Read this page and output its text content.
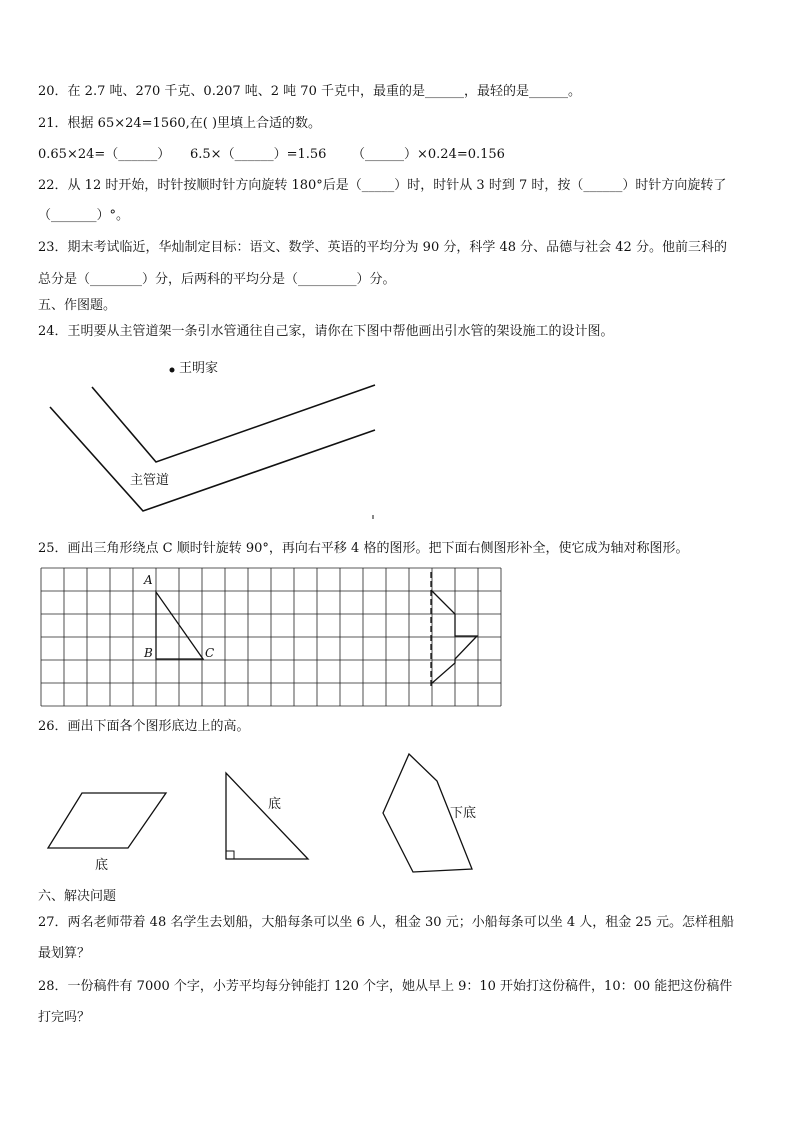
20．在 2.7 吨、270 千克、0.207 吨、2 吨 70 千克中，最重的是______，最轻的是______。
21．根据 65×24=1560,在( )里填上合适的数。
0.65×24=（______） 6.5×（______）=1.56 （______）×0.24=0.156
22．从 12 时开始，时针按顺时针方向旋转 180°后是（_____）时，时针从 3 时到 7 时，按（______）时针方向旋转了
（_______）°。
23．期末考试临近，华灿制定目标：语文、数学、英语的平均分为 90 分，科学 48 分、品德与社会 42 分。他前三科的
总分是（________）分，后两科的平均分是（_________）分。
五、作图题。
24．王明要从主管道架一条引水管通往自己家，请你在下图中帮他画出引水管的架设施工的设计图。
王明家
主管道
25．画出三角形绕点 C 顺时针旋转 90°，再向右平移 4 格的图形。把下面右侧图形补全，使它成为轴对称图形。
A
B	C
26．画出下面各个图形底边上的高。
底
底
下底
六、解决问题
27．两名老师带着 48 名学生去划船，大船每条可以坐 6 人，租金 30 元；小船每条可以坐 4 人，租金 25 元。怎样租船
最划算？
28．一份稿件有 7000 个字，小芳平均每分钟能打 120 个字，她从早上 9：10 开始打这份稿件，10：00 能把这份稿件
打完吗？
